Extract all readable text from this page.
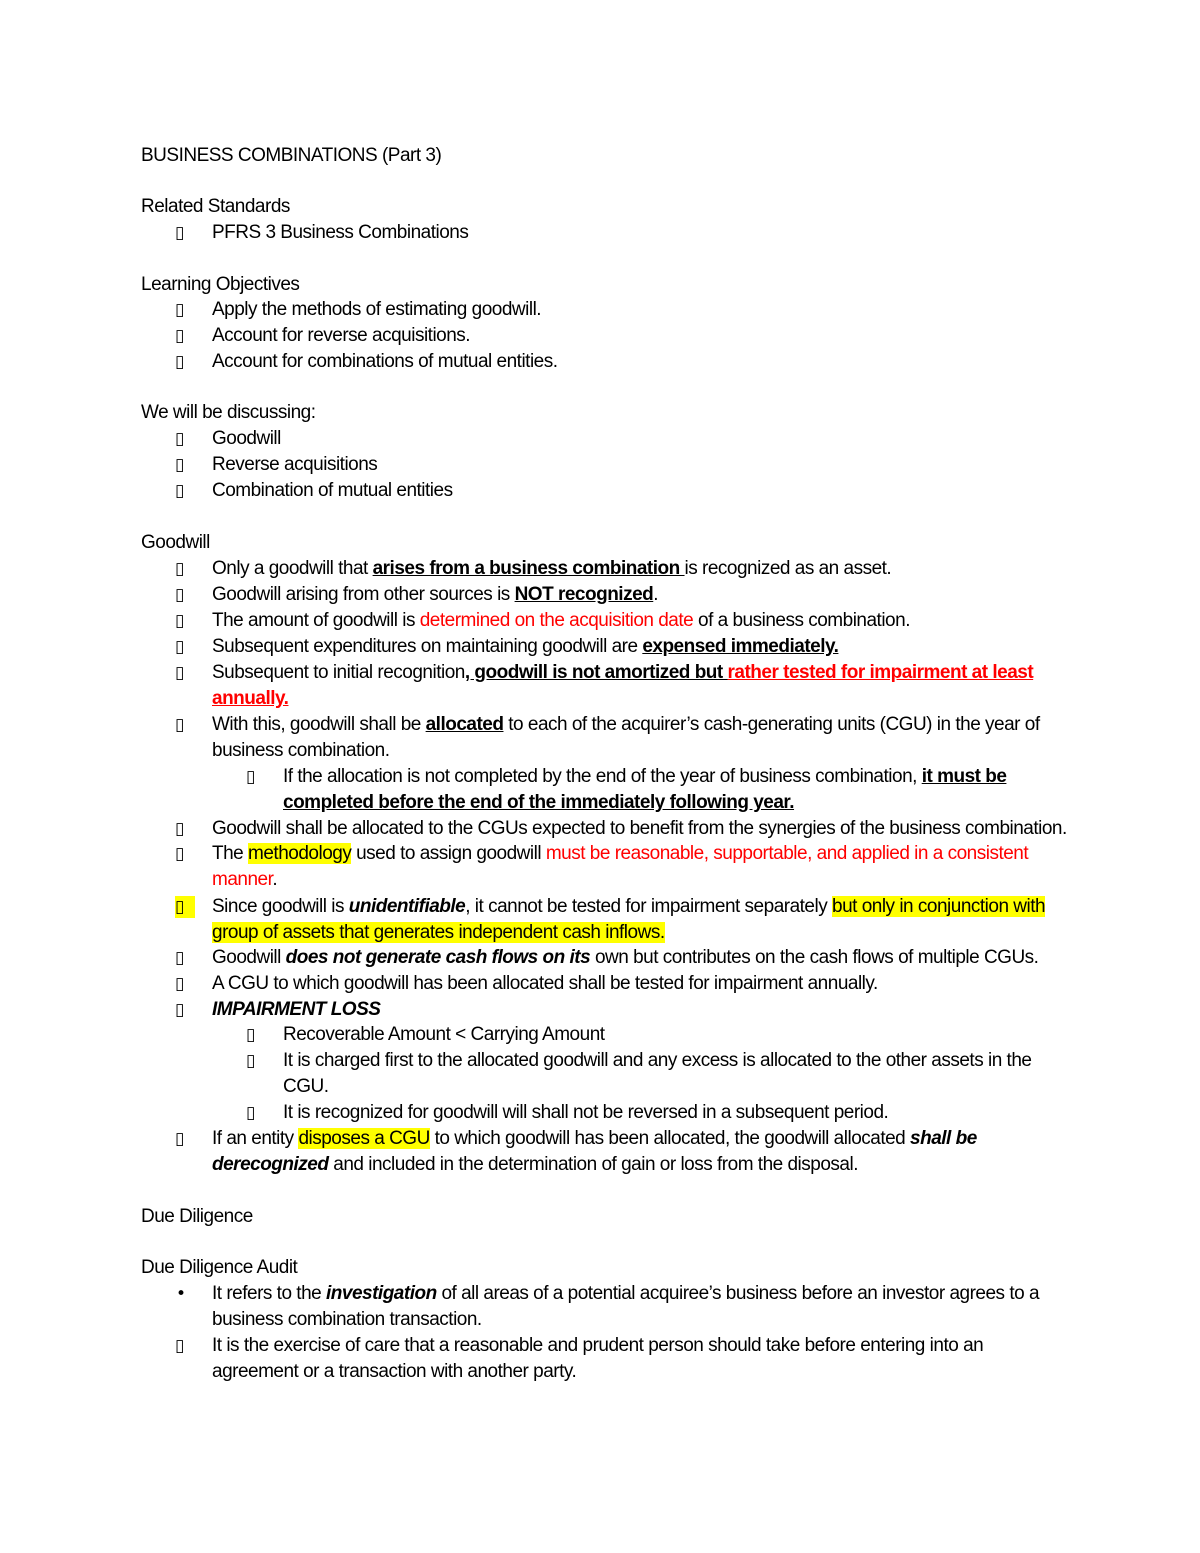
BUSINESS COMBINATIONS (Part 3)
Related Standards
▯ PFRS 3 Business Combinations
Learning Objectives
▯ Apply the methods of estimating goodwill.
▯ Account for reverse acquisitions.
▯ Account for combinations of mutual entities.
We will be discussing:
▯ Goodwill
▯ Reverse acquisitions
▯ Combination of mutual entities
Goodwill
▯ Only a goodwill that arises from a business combination is recognized as an asset.
▯ Goodwill arising from other sources is NOT recognized.
▯ The amount of goodwill is determined on the acquisition date of a business combination.
▯ Subsequent expenditures on maintaining goodwill are expensed immediately.
▯ Subsequent to initial recognition, goodwill is not amortized but rather tested for impairment at least
annually.
▯ With this, goodwill shall be allocated to each of the acquirer’s cash-generating units (CGU) in the year of
business combination.
▯ If the allocation is not completed by the end of the year of business combination, it must be
completed before the end of the immediately following year.
▯ Goodwill shall be allocated to the CGUs expected to benefit from the synergies of the business combination.
▯ The methodology used to assign goodwill must be reasonable, supportable, and applied in a consistent
manner.
▯	Since goodwill is unidentifiable, it cannot be tested for impairment separately but only in conjunction with
group of assets that generates independent cash inflows.
▯ Goodwill does not generate cash flows on its own but contributes on the cash flows of multiple CGUs.
▯ A CGU to which goodwill has been allocated shall be tested for impairment annually.
▯ IMPAIRMENT LOSS
▯ Recoverable Amount < Carrying Amount
▯ It is charged first to the allocated goodwill and any excess is allocated to the other assets in the
CGU.
▯ It is recognized for goodwill will shall not be reversed in a subsequent period.
▯ If an entity disposes a CGU to which goodwill has been allocated, the goodwill allocated shall be
derecognized and included in the determination of gain or loss from the disposal.
Due Diligence
Due Diligence Audit
• It refers to the investigation of all areas of a potential acquiree’s business before an investor agrees to a
business combination transaction.
▯ It is the exercise of care that a reasonable and prudent person should take before entering into an
agreement or a transaction with another party.
